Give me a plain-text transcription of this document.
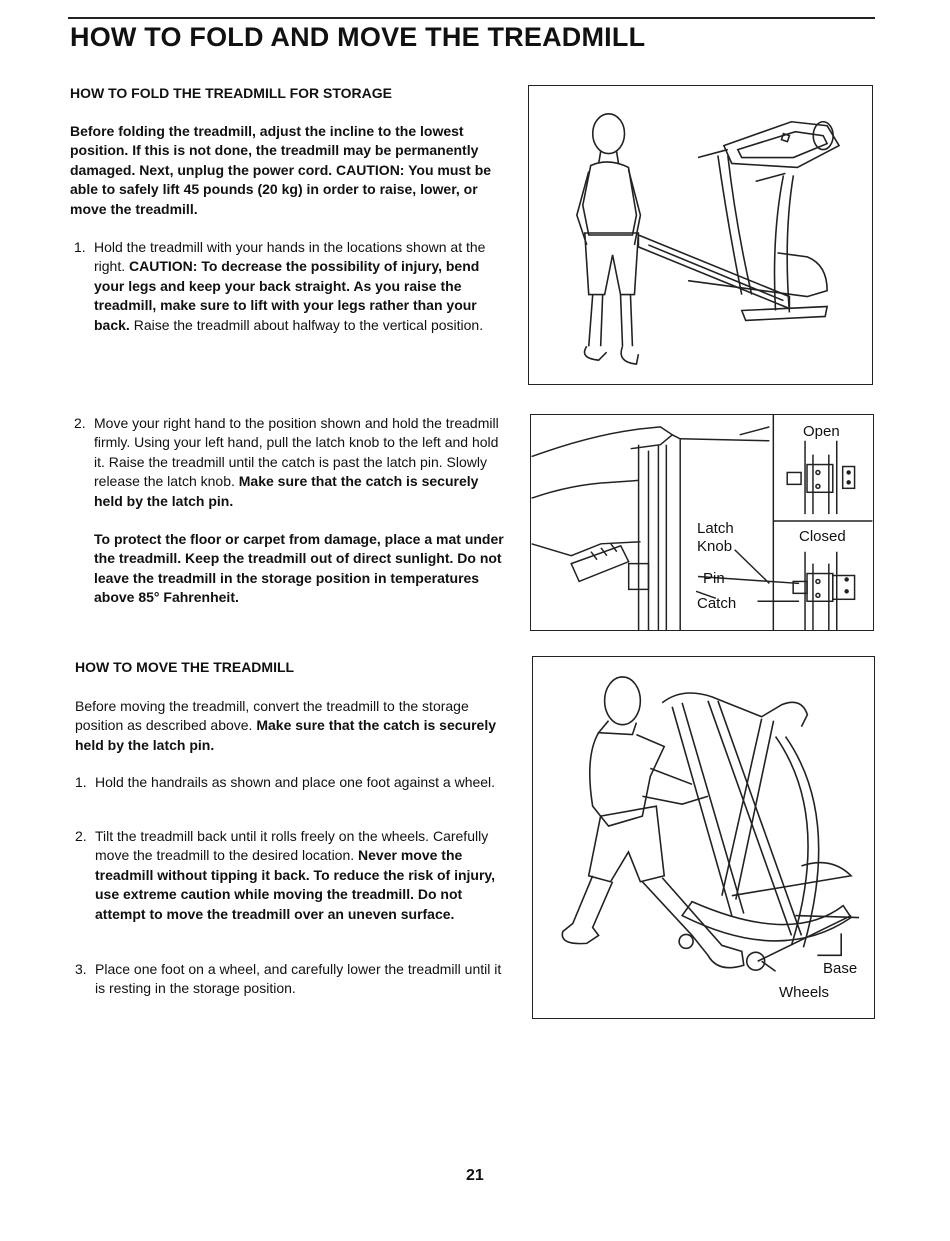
HOW TO FOLD AND MOVE THE TREADMILL
HOW TO FOLD THE TREADMILL FOR STORAGE
Before folding the treadmill, adjust the incline to the lowest position. If this is not done, the treadmill may be permanently damaged. Next, unplug the power cord. CAUTION: You must be able to safely lift 45 pounds (20 kg) in order to raise, lower, or move the treadmill.
1. Hold the treadmill with your hands in the locations shown at the right. CAUTION: To decrease the possibility of injury, bend your legs and keep your back straight. As you raise the treadmill, make sure to lift with your legs rather than your back. Raise the treadmill about halfway to the vertical position.
2. Move your right hand to the position shown and hold the treadmill firmly. Using your left hand, pull the latch knob to the left and hold it. Raise the treadmill until the catch is past the latch pin. Slowly release the latch knob. Make sure that the catch is securely held by the latch pin.
To protect the floor or carpet from damage, place a mat under the treadmill. Keep the treadmill out of direct sunlight. Do not leave the treadmill in the storage position in temperatures above 85° Fahrenheit.
HOW TO MOVE THE TREADMILL
Before moving the treadmill, convert the treadmill to the storage position as described above. Make sure that the catch is securely held by the latch pin.
1. Hold the handrails as shown and place one foot against a wheel.
2. Tilt the treadmill back until it rolls freely on the wheels. Carefully move the treadmill to the desired location. Never move the treadmill without tipping it back. To reduce the risk of injury, use extreme caution while moving the treadmill. Do not attempt to move the treadmill over an uneven surface.
3. Place one foot on a wheel, and carefully lower the treadmill until it is resting in the storage position.
Open
Closed
Latch
Knob
Pin
Catch
Base
Wheels
21
